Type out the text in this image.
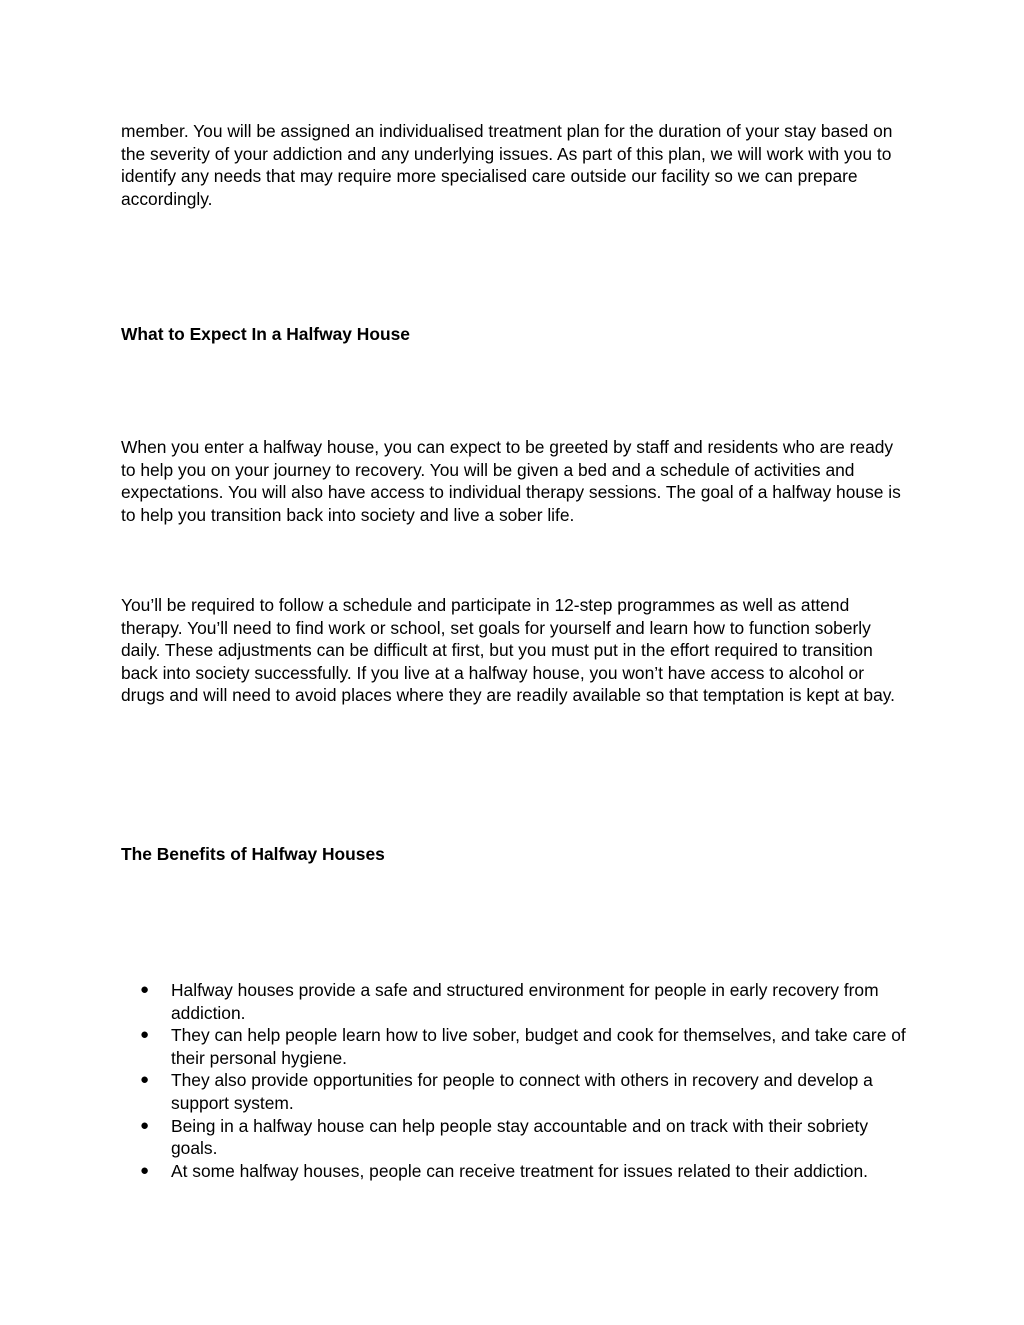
member. You will be assigned an individualised treatment plan for the duration of your stay based on the severity of your addiction and any underlying issues. As part of this plan, we will work with you to identify any needs that may require more specialised care outside our facility so we can prepare accordingly.

What to Expect In a Halfway House

When you enter a halfway house, you can expect to be greeted by staff and residents who are ready to help you on your journey to recovery. You will be given a bed and a schedule of activities and expectations. You will also have access to individual therapy sessions. The goal of a halfway house is to help you transition back into society and live a sober life.

You’ll be required to follow a schedule and participate in 12-step programmes as well as attend therapy. You’ll need to find work or school, set goals for yourself and learn how to function soberly daily. These adjustments can be difficult at first, but you must put in the effort required to transition back into society successfully. If you live at a halfway house, you won’t have access to alcohol or drugs and will need to avoid places where they are readily available so that temptation is kept at bay.

The Benefits of Halfway Houses

● Halfway houses provide a safe and structured environment for people in early recovery from addiction.
● They can help people learn how to live sober, budget and cook for themselves, and take care of their personal hygiene.
● They also provide opportunities for people to connect with others in recovery and develop a support system.
● Being in a halfway house can help people stay accountable and on track with their sobriety goals.
● At some halfway houses, people can receive treatment for issues related to their addiction.
